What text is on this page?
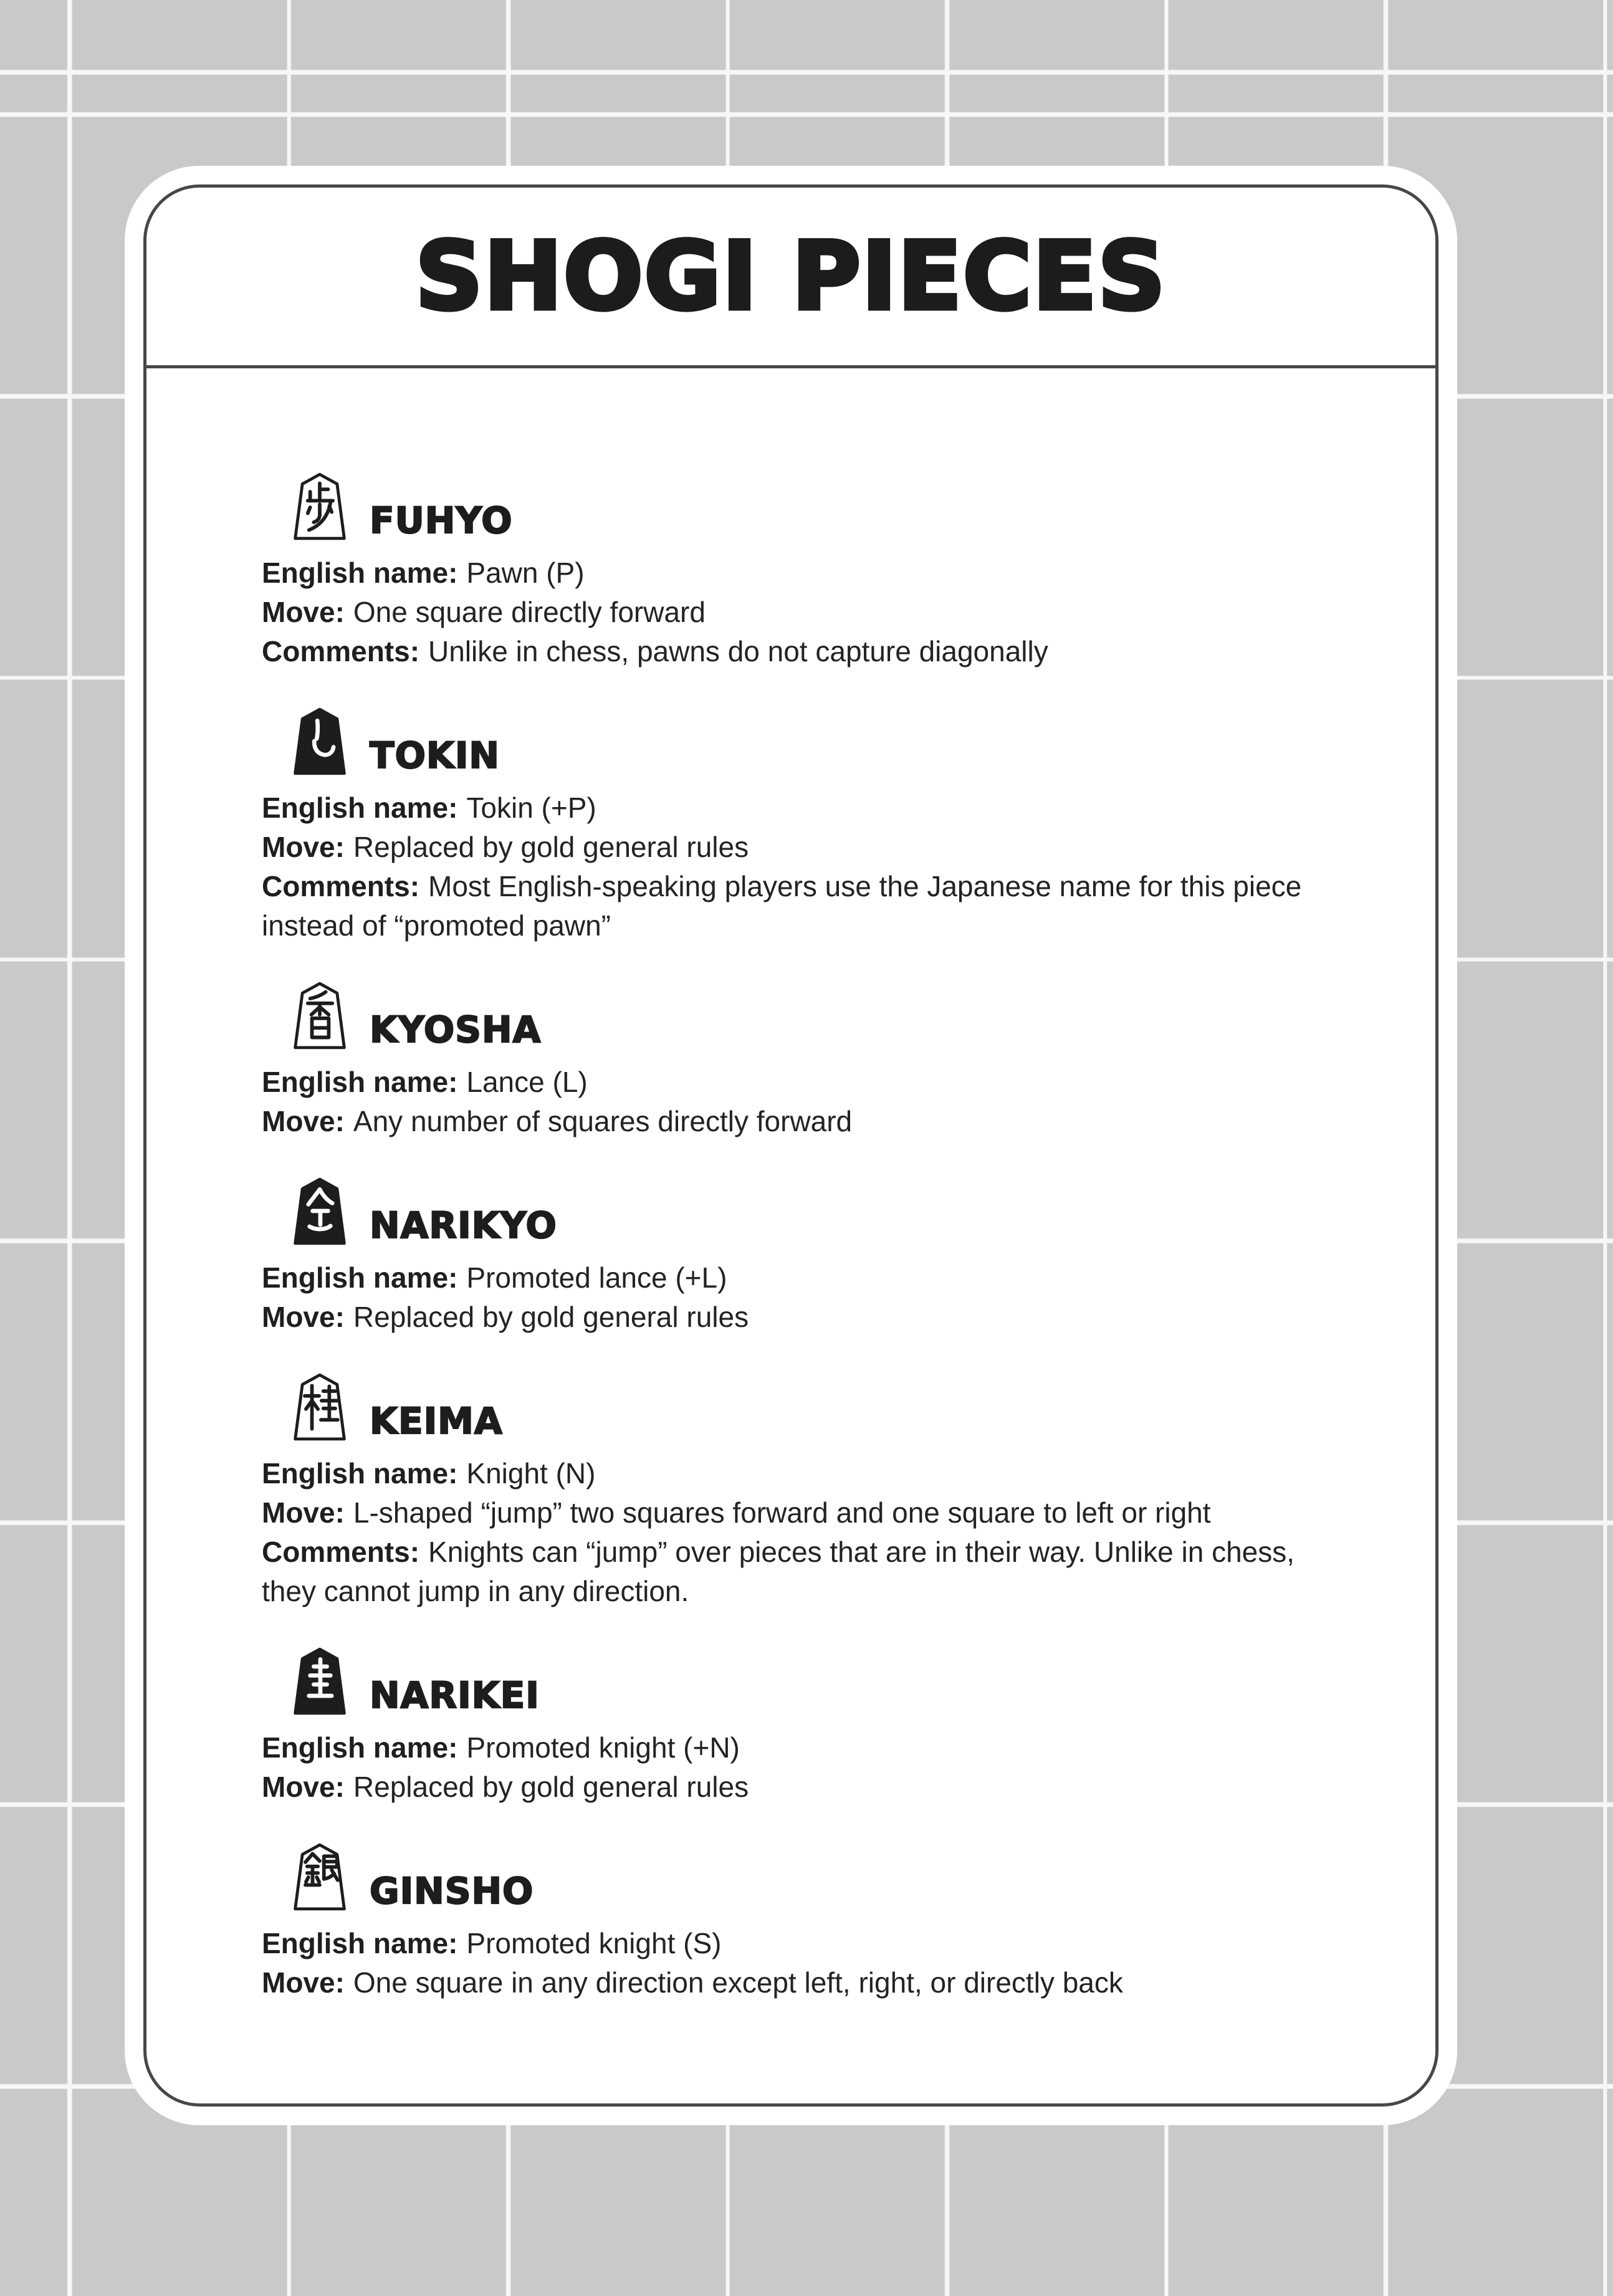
SHOGI PIECES
FUHYO
English name: Pawn (P)
Move: One square directly forward
Comments: Unlike in chess, pawns do not capture diagonally
TOKIN
English name: Tokin (+P)
Move: Replaced by gold general rules
Comments: Most English-speaking players use the Japanese name for this piece instead of “promoted pawn”
KYOSHA
English name: Lance (L)
Move: Any number of squares directly forward
NARIKYO
English name: Promoted lance (+L)
Move: Replaced by gold general rules
KEIMA
English name: Knight (N)
Move: L-shaped “jump” two squares forward and one square to left or right
Comments: Knights can “jump” over pieces that are in their way. Unlike in chess, they cannot jump in any direction.
NARIKEI
English name: Promoted knight (+N)
Move: Replaced by gold general rules
GINSHO
English name: Promoted knight (S)
Move: One square in any direction except left, right, or directly back
